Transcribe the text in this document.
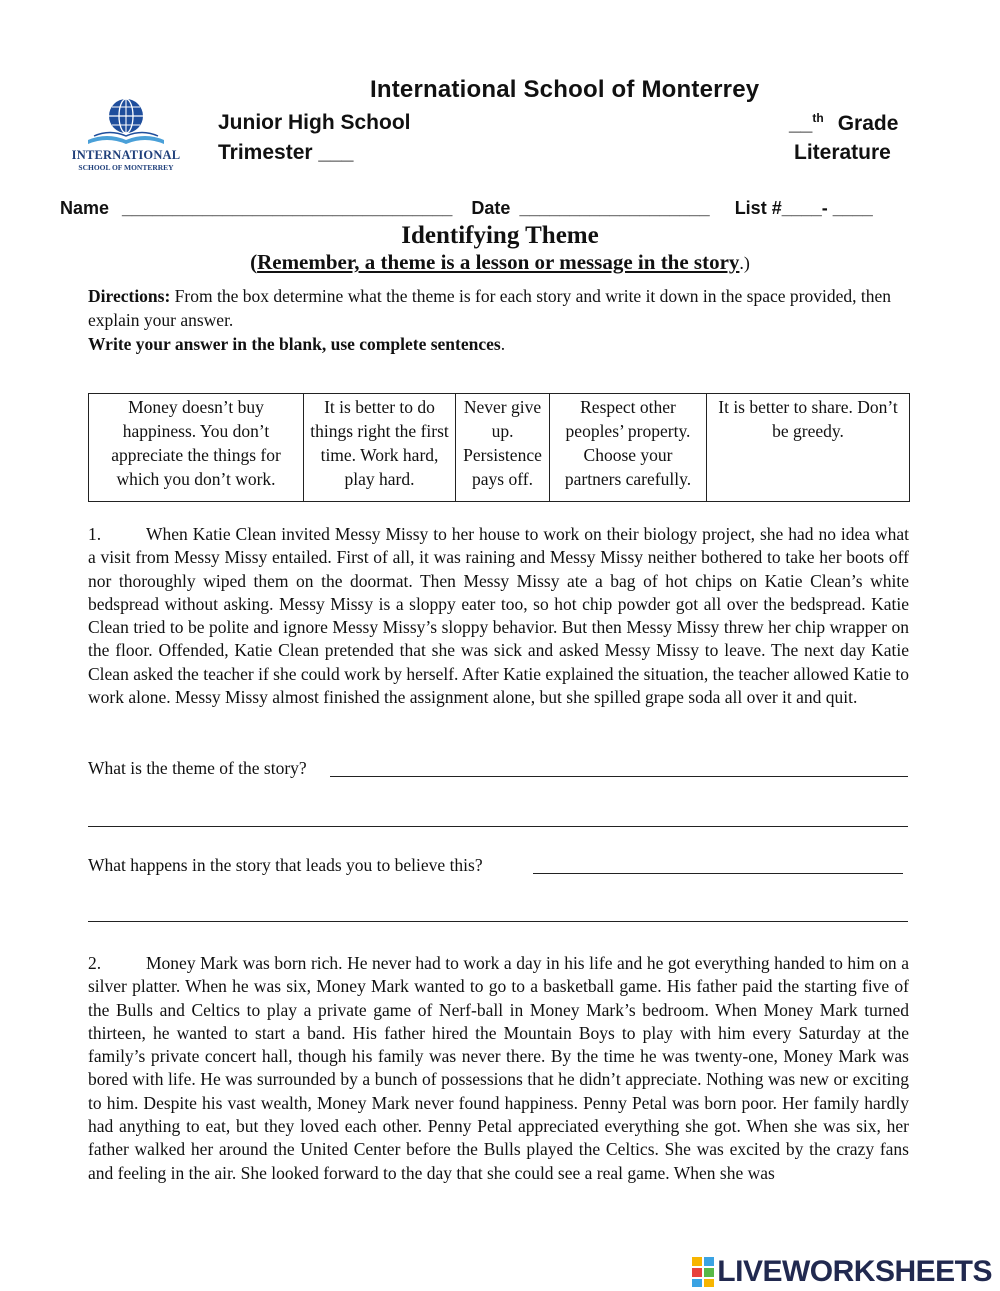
INTERNATIONAL
SCHOOL OF MONTERREY
International School of Monterrey
Junior High School
Trimester ___
__$^{th}$ Grade
Literature
Name _________________________________ Date ___________________ List #____- ____
Identifying Theme
(Remember, a theme is a lesson or message in the story.)
Directions: From the box determine what the theme is for each story and write it down in the space provided, then explain your answer.
Write your answer in the blank, use complete sentences.
Money doesn’t buy happiness. You don’t appreciate the things for which you don’t work.	It is better to do things right the first time. Work hard, play hard.	Never give up. Persistence pays off.	Respect other peoples’ property. Choose your partners carefully.	It is better to share. Don’t be greedy.
1.	When Katie Clean invited Messy Missy to her house to work on their biology project, she had no idea what a visit from Messy Missy entailed. First of all, it was raining and Messy Missy neither bothered to take her boots off nor thoroughly wiped them on the doormat. Then Messy Missy ate a bag of hot chips on Katie Clean’s white bedspread without asking. Messy Missy is a sloppy eater too, so hot chip powder got all over the bedspread. Katie Clean tried to be polite and ignore Messy Missy’s sloppy behavior. But then Messy Missy threw her chip wrapper on the floor. Offended, Katie Clean pretended that she was sick and asked Messy Missy to leave. The next day Katie Clean asked the teacher if she could work by herself. After Katie explained the situation, the teacher allowed Katie to work alone. Messy Missy almost finished the assignment alone, but she spilled grape soda all over it and quit.
What is the theme of the story?
What happens in the story that leads you to believe this?
2.	Money Mark was born rich. He never had to work a day in his life and he got everything handed to him on a silver platter. When he was six, Money Mark wanted to go to a basketball game. His father paid the starting five of the Bulls and Celtics to play a private game of Nerf-ball in Money Mark’s bedroom. When Money Mark turned thirteen, he wanted to start a band. His father hired the Mountain Boys to play with him every Saturday at the family’s private concert hall, though his family was never there. By the time he was twenty-one, Money Mark was bored with life. He was surrounded by a bunch of possessions that he didn’t appreciate. Nothing was new or exciting to him. Despite his vast wealth, Money Mark never found happiness. Penny Petal was born poor. Her family hardly had anything to eat, but they loved each other. Penny Petal appreciated everything she got. When she was six, her father walked her around the United Center before the Bulls played the Celtics. She was excited by the crazy fans and feeling in the air. She looked forward to the day that she could see a real game. When she was
LIVEWORKSHEETS
